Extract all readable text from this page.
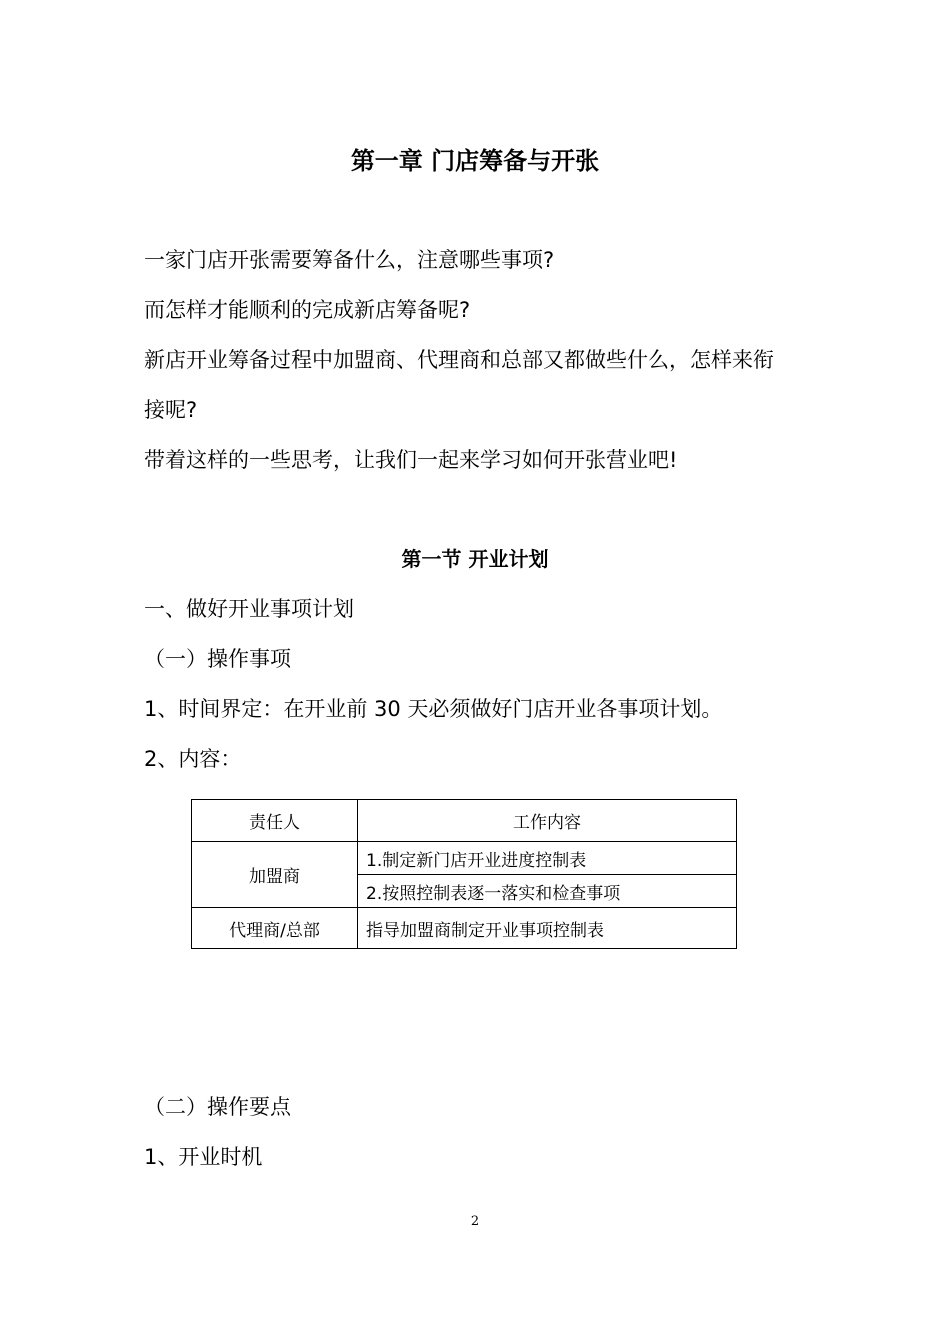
第一章 门店筹备与开张
一家门店开张需要筹备什么，注意哪些事项?
而怎样才能顺利的完成新店筹备呢?
新店开业筹备过程中加盟商、代理商和总部又都做些什么，怎样来衔
接呢?
带着这样的一些思考，让我们一起来学习如何开张营业吧!
第一节 开业计划
一、做好开业事项计划
（一）操作事项
1、时间界定：在开业前 30 天必须做好门店开业各事项计划。
2、内容：
责任人	工作内容
加盟商	1.制定新门店开业进度控制表
	2.按照控制表逐一落实和检查事项
代理商/总部	指导加盟商制定开业事项控制表
（二）操作要点
1、开业时机
2
